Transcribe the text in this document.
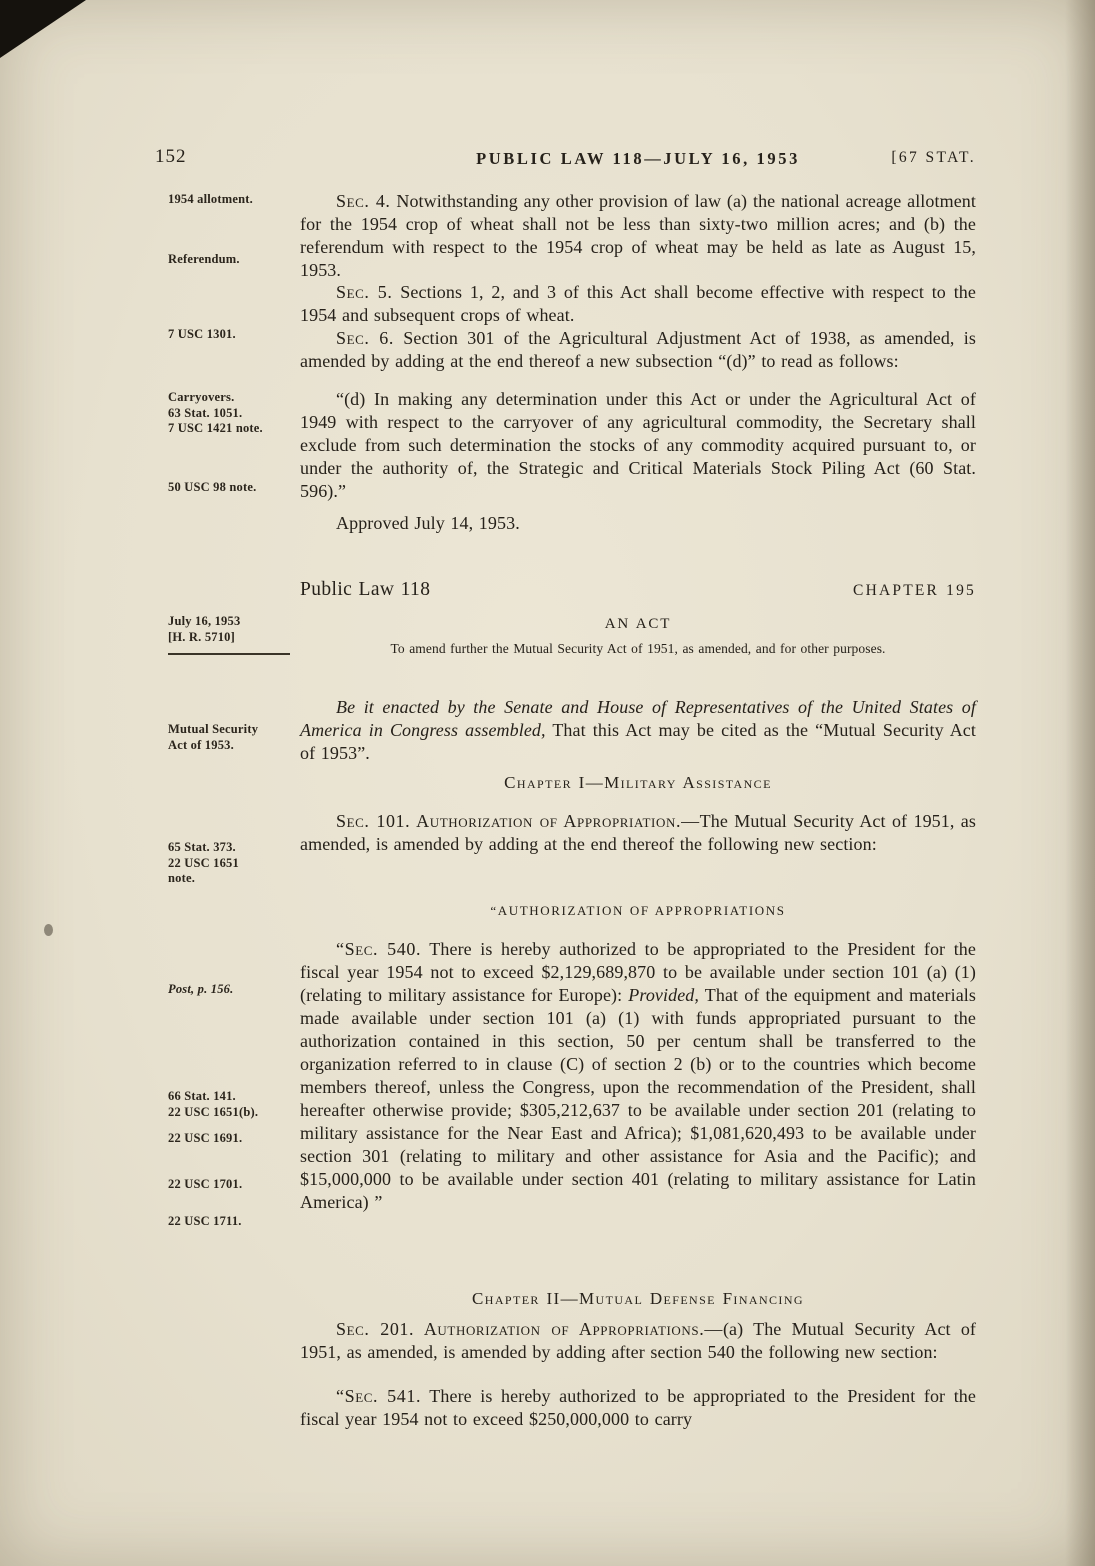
152	PUBLIC LAW 118—JULY 16, 1953	[67 STAT.
1954 allotment.
Referendum.
7 USC 1301.
Carryovers.
63 Stat. 1051.
7 USC 1421 note.
50 USC 98 note.
July 16, 1953
[H. R. 5710]
Mutual Security
Act of 1953.
65 Stat. 373.
22 USC 1651
note.
Post, p. 156.
66 Stat. 141.
22 USC 1651(b).
22 USC 1691.
22 USC 1701.
22 USC 1711.

Sec. 4. Notwithstanding any other provision of law (a) the national acreage allotment for the 1954 crop of wheat shall not be less than sixty-two million acres; and (b) the referendum with respect to the 1954 crop of wheat may be held as late as August 15, 1953.

Sec. 5. Sections 1, 2, and 3 of this Act shall become effective with respect to the 1954 and subsequent crops of wheat.

Sec. 6. Section 301 of the Agricultural Adjustment Act of 1938, as amended, is amended by adding at the end thereof a new subsection “(d)” to read as follows:

“(d) In making any determination under this Act or under the Agricultural Act of 1949 with respect to the carryover of any agricultural commodity, the Secretary shall exclude from such determination the stocks of any commodity acquired pursuant to, or under the authority of, the Strategic and Critical Materials Stock Piling Act (60 Stat. 596).”

Approved July 14, 1953.

Public Law 118	CHAPTER 195
AN ACT
To amend further the Mutual Security Act of 1951, as amended, and for other purposes.

Be it enacted by the Senate and House of Representatives of the United States of America in Congress assembled, That this Act may be cited as the “Mutual Security Act of 1953”.

Chapter I—Military Assistance

Sec. 101. Authorization of Appropriation.—The Mutual Security Act of 1951, as amended, is amended by adding at the end thereof the following new section:

“AUTHORIZATION OF APPROPRIATIONS

“Sec. 540. There is hereby authorized to be appropriated to the President for the fiscal year 1954 not to exceed $2,129,689,870 to be available under section 101 (a) (1) (relating to military assistance for Europe): Provided, That of the equipment and materials made available under section 101 (a) (1) with funds appropriated pursuant to the authorization contained in this section, 50 per centum shall be transferred to the organization referred to in clause (C) of section 2 (b) or to the countries which become members thereof, unless the Congress, upon the recommendation of the President, shall hereafter otherwise provide; $305,212,637 to be available under section 201 (relating to military assistance for the Near East and Africa); $1,081,620,493 to be available under section 301 (relating to military and other assistance for Asia and the Pacific); and $15,000,000 to be available under section 401 (relating to military assistance for Latin America) ”

Chapter II—Mutual Defense Financing

Sec. 201. Authorization of Appropriations.—(a) The Mutual Security Act of 1951, as amended, is amended by adding after section 540 the following new section:

“Sec. 541. There is hereby authorized to be appropriated to the President for the fiscal year 1954 not to exceed $250,000,000 to carry
